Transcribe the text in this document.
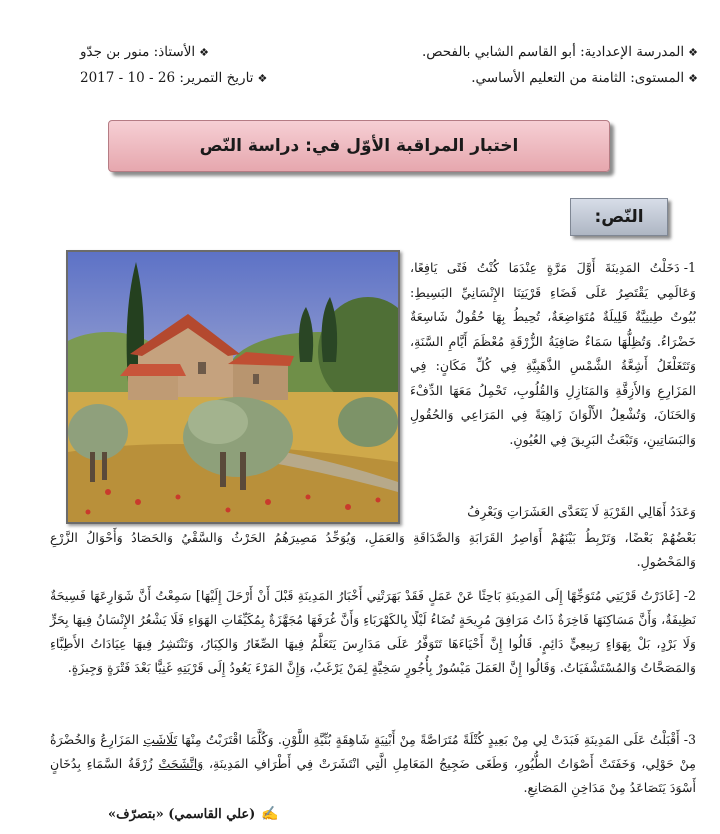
❖المدرسة الإعدادية: أبو القاسم الشابي بالفحص.
❖المستوى: الثامنة من التعليم الأساسي.
❖الأستاذ: منور بن جدّو
❖تاريخ التمرير: 26 - 10 - 2017
اختبار المراقبة الأوّل في: دراسة النّص
النّص:
1-دَخَلْتُ المَدِينَةَ أَوَّلَ مَرَّةٍ عِنْدَمَا كُنْتُ فَتًى يَافِعًا، وَعَالَمِي يَقْتَصِرُ عَلَى فَضَاءِ قَرْيَتِنَا الإِنْسَانِيِّ البَسِيطِ: بُيُوتٌ طِينِيَّةٌ قَلِيلَةٌ مُتَوَاضِعَةٌ، تُحِيطُ بِهَا حُقُولٌ شَاسِعَةٌ خَضْرَاءُ. وَتُظِلُّهَا سَمَاءٌ صَافِيَةُ الزُّرْقَةِ مُعْظَمَ أَيَّامِ السَّنَةِ، وَتَتَغَلْغَلُ أَشِعَّةُ الشَّمْسِ الذَّهَبِيَّةِ فِي كُلِّ مَكَانٍ: فِي المَزَارِعِ وَالأَزِقَّةِ وَالمَنَازِلِ وَالقُلُوبِ، تَحْمِلُ مَعَهَا الدِّفْءَ وَالحَنَانَ، وَتُشْعِلُ الأَلْوَانَ زَاهِيَةً فِي المَرَاعِي وَالحُقُولِ وَالبَسَاتِينِ، وَتَبْعَثُ البَرِيقَ فِي العُيُونِ.
وَعَدَدُ أَهَالِي القَرْيَةِ لَا يَتَعَدَّى العَشَرَاتِ وَيَعْرِفُ
بَعْضُهُمْ بَعْضًا، وَتَرْبِطُ بَيْنَهُمْ أَوَاصِرُ القَرَابَةِ وَالصَّدَاقَةِ وَالعَمَلِ، وَيُوَحِّدُ مَصِيرَهُمُ الحَرْثُ وَالسَّقْيُ وَالحَصَادُ وَأَحْوَالُ الزَّرْعِ وَالمَحْصُولِ.
2-[غَادَرْتُ قَرْيَتِي مُتَوَجِّهًا إِلَى المَدِينَةِ بَاحِثًا عَنْ عَمَلٍ فَقَدْ بَهَرَتْنِي أَخْبَارُ المَدِينَةِ قَبْلَ أَنْ أَرْحَلَ إِلَيْهَا] سَمِعْتُ أَنَّ شَوَارِعَهَا فَسِيحَةٌ نَظِيفَةٌ، وَأَنَّ مَسَاكِنَهَا فَاخِرَةٌ ذَاتُ مَرَافِقَ مُرِيحَةٍ تُضَاءُ لَيْلًا بِالكَهْرَبَاءِ وَأَنَّ غُرَفَهَا مُجَهَّزَةٌ بِمُكَيِّفَاتِ الهَوَاءِ فَلَا يَشْعُرُ الإِنْسَانُ فِيهَا بِحَرٍّ وَلَا بَرْدٍ، بَلْ بِهَوَاءٍ رَبِيعِيٍّ دَائِمٍ. قَالُوا إِنَّ أَحْيَاءَهَا تَتَوَفَّرُ عَلَى مَدَارِسَ يَتَعَلَّمُ فِيهَا الصِّغَارُ وَالكِبَارُ، وَتَنْتَشِرُ فِيهَا عِيَادَاتُ الأَطِبَّاءِ وَالمَصَحَّاتُ وَالمُسْتَشْفَيَاتُ. وَقَالُوا إِنَّ العَمَلَ مَيْسُورٌ بِأُجُورٍ سَخِيَّةٍ لِمَنْ يَرْغَبُ، وَإِنَّ المَرْءَ يَعُودُ إِلَى قَرْيَتِهِ غَنِيًّا بَعْدَ فَتْرَةٍ وَجِيزَةٍ.
3-أَقْبَلْتُ عَلَى المَدِينَةِ فَبَدَتْ لِي مِنْ بَعِيدٍ كُتْلَةً مُتَرَاصَّةً مِنْ أَبْنِيَةٍ شَاهِقَةٍ بُنِّيَّةِ اللَّوْنِ. وَكُلَّمَا اقْتَرَبْتُ مِنْهَا تَلَاشَتِ المَزَارِعُ وَالخُضْرَةُ مِنْ حَوْلِي، وَخَفَتَتْ أَصْوَاتُ الطُّيُورِ، وَطَغَى ضَجِيجُ المَعَامِلِ الَّتِي انْتَشَرَتْ فِي أَطْرَافِ المَدِينَةِ، وَاتَّشَحَتْ زُرْقَةُ السَّمَاءِ بِدُخَانٍ أَسْوَدَ يَتَصَاعَدُ مِنْ مَدَاخِنِ المَصَانِعِ.
✍(علي القاسمي) «بتصرّف»
